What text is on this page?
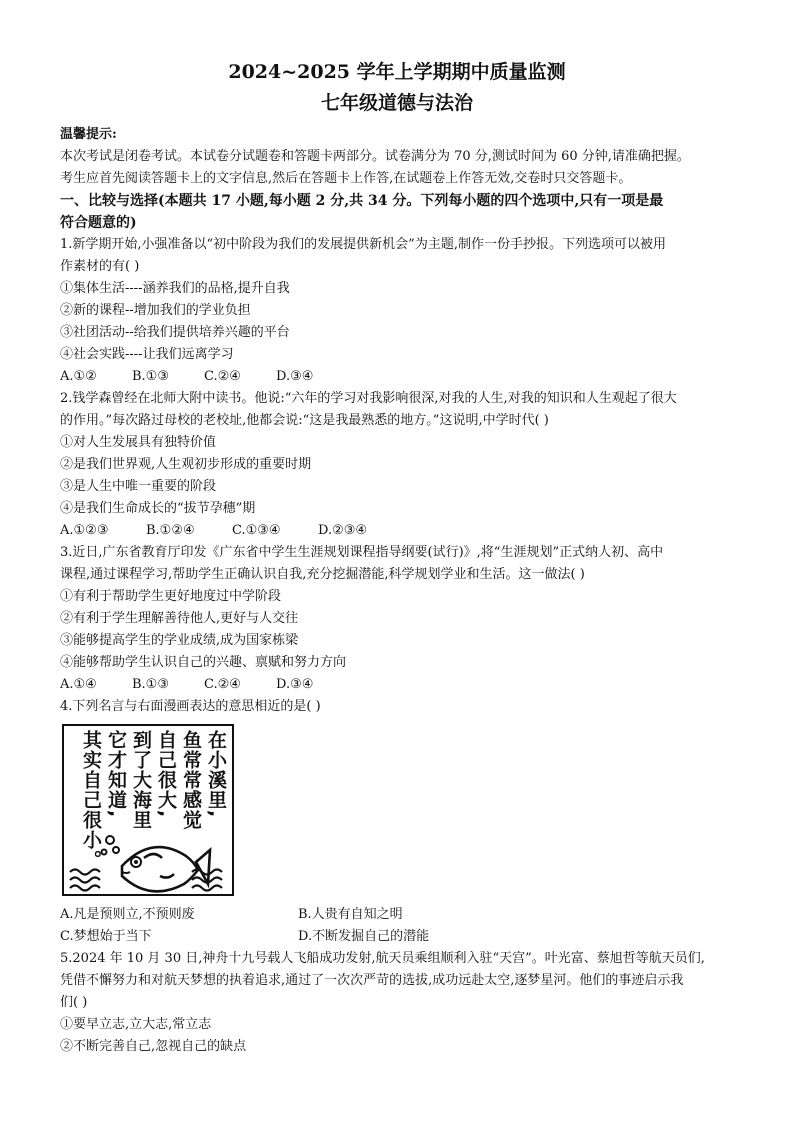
2024~2025 学年上学期期中质量监测
七年级道德与法治
温馨提示:
本次考试是闭卷考试。本试卷分试题卷和答题卡两部分。试卷满分为 70 分,测试时间为 60 分钟,请准确把握。
考生应首先阅读答题卡上的文字信息,然后在答题卡上作答,在试题卷上作答无效,交卷时只交答题卡。
一、比较与选择(本题共 17 小题,每小题 2 分,共 34 分。下列每小题的四个选项中,只有一项是最
符合题意的)
1.新学期开始,小强准备以“初中阶段为我们的发展提供新机会”为主题,制作一份手抄报。下列选项可以被用
作素材的有( )
①集体生活----涵养我们的品格,提升自我
②新的课程--增加我们的学业负担
③社团活动--给我们提供培养兴趣的平台
④社会实践----让我们远离学习
A.①②	B.①③	C.②④	D.③④
2.钱学森曾经在北师大附中读书。他说:“六年的学习对我影响很深,对我的人生,对我的知识和人生观起了很大
的作用。”每次路过母校的老校址,他都会说:“这是我最熟悉的地方。”这说明,中学时代( )
①对人生发展具有独特价值
②是我们世界观,人生观初步形成的重要时期
③是人生中唯一重要的阶段
④是我们生命成长的“拔节孕穗”期
A.①②③	B.①②④	C.①③④	D.②③④
3.近日,广东省教育厅印发《广东省中学生生涯规划课程指导纲要(试行)》,将“生涯规划”正式纳人初、高中
课程,通过课程学习,帮助学生正确认识自我,充分挖掘潜能,科学规划学业和生活。这一做法( )
①有利于帮助学生更好地度过中学阶段
②有利于学生理解善待他人,更好与人交往
③能够提高学生的学业成绩,成为国家栋梁
④能够帮助学生认识自己的兴趣、禀赋和努力方向
A.①④	B.①③	C.②④	D.③④
4.下列名言与右面漫画表达的意思相近的是( )
在小溪里,
鱼常常感觉
自己很大,
到了大海里
它才知道,
其实自己很小。
A.凡是预则立,不预则废	B.人贵有自知之明
C.梦想始于当下	D.不断发掘自己的潜能
5.2024 年 10 月 30 日,神舟十九号载人飞船成功发射,航天员乘组顺利入驻“天宫”。叶光富、蔡旭哲等航天员们,
凭借不懈努力和对航天梦想的执着追求,通过了一次次严苛的选拔,成功远赴太空,逐梦星河。他们的事迹启示我
们( )
①要早立志,立大志,常立志
②不断完善自己,忽视自己的缺点
